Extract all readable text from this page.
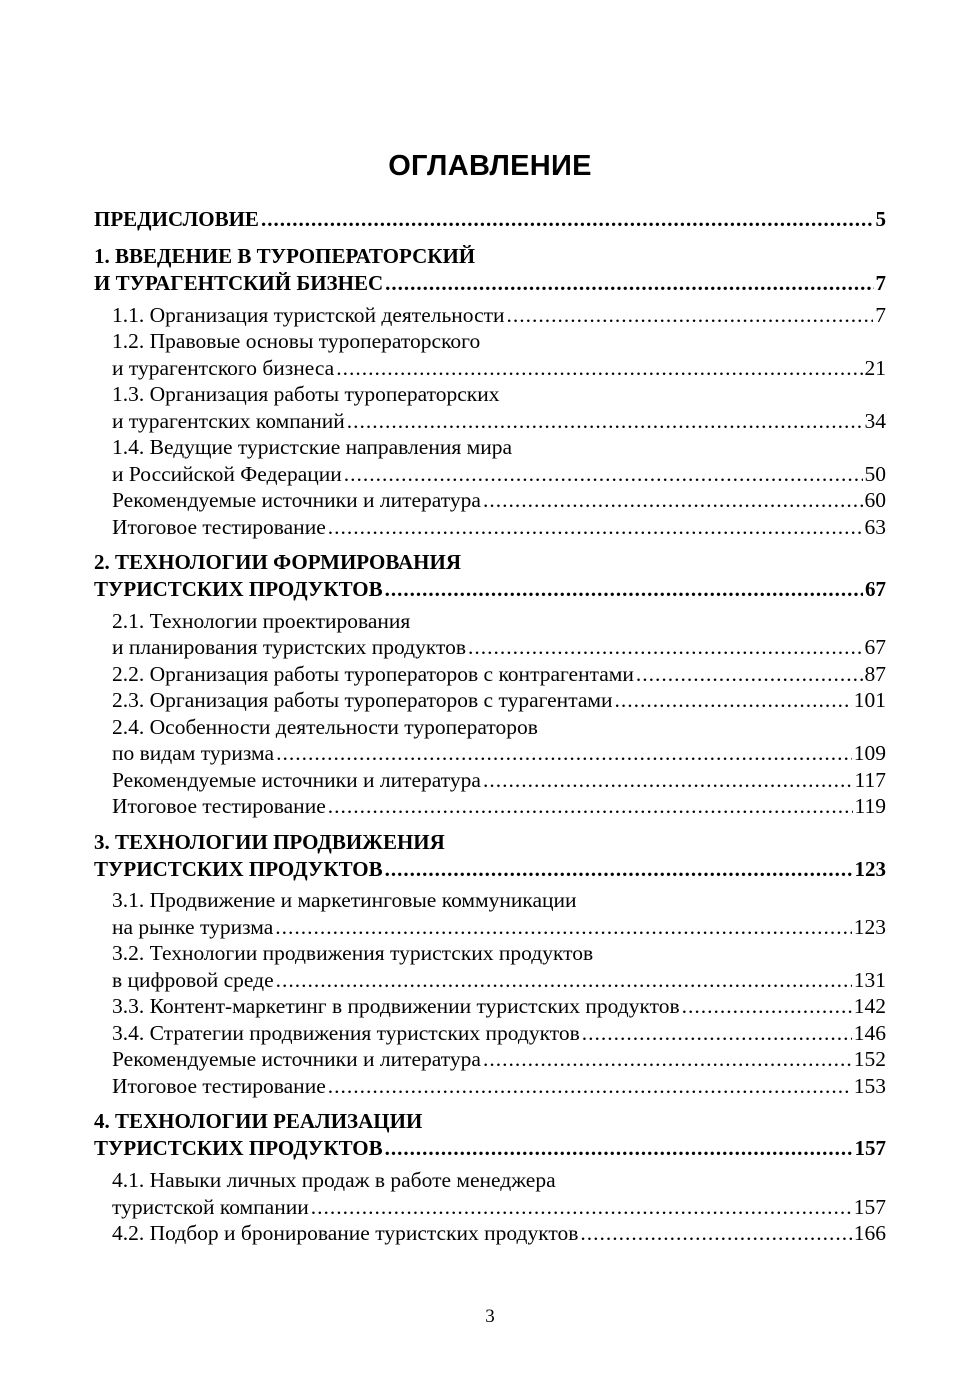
ОГЛАВЛЕНИЕ
ПРЕДИСЛОВИЕ .....	5
1. ВВЕДЕНИЕ В ТУРОПЕРАТОРСКИЙ
И ТУРАГЕНТСКИЙ БИЗНЕС .....	7
1.1. Организация туристской деятельности .....	7
1.2. Правовые основы туроператорского
и турагентского бизнеса .....	21
1.3. Организация работы туроператорских
и турагентских компаний .....	34
1.4. Ведущие туристские направления мира
и Российской Федерации .....	50
Рекомендуемые источники и литература .....	60
Итоговое тестирование .....	63
2. ТЕХНОЛОГИИ ФОРМИРОВАНИЯ
ТУРИСТСКИХ ПРОДУКТОВ .....	67
2.1. Технологии проектирования
и планирования туристских продуктов .....	67
2.2. Организация работы туроператоров с контрагентами .....	87
2.3. Организация работы туроператоров с турагентами .....	101
2.4. Особенности деятельности туроператоров
по видам туризма .....	109
Рекомендуемые источники и литература .....	117
Итоговое тестирование .....	119
3. ТЕХНОЛОГИИ ПРОДВИЖЕНИЯ
ТУРИСТСКИХ ПРОДУКТОВ .....	123
3.1. Продвижение и маркетинговые коммуникации
на рынке туризма .....	123
3.2. Технологии продвижения туристских продуктов
в цифровой среде .....	131
3.3. Контент-маркетинг в продвижении туристских продуктов .....	142
3.4. Стратегии продвижения туристских продуктов .....	146
Рекомендуемые источники и литература .....	152
Итоговое тестирование .....	153
4. ТЕХНОЛОГИИ РЕАЛИЗАЦИИ
ТУРИСТСКИХ ПРОДУКТОВ .....	157
4.1. Навыки личных продаж в работе менеджера
туристской компании .....	157
4.2. Подбор и бронирование туристских продуктов .....	166
3
